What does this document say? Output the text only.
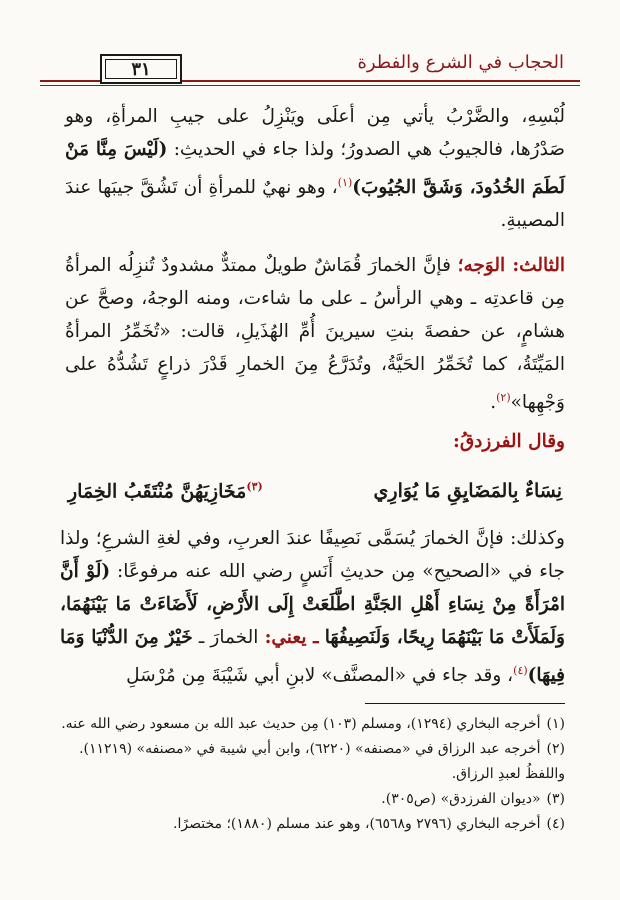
الحجاب في الشرع والفطرة
٣١

لُبْسِهِ، والضَّرْبُ يأتي مِن أعلَى ويَنْزِلُ على جيبِ المرأةِ، وهو صَدْرُها، فالجيوبُ هي الصدورُ؛ ولذا جاء في الحديثِ: (لَيْسَ مِنَّا مَنْ لَطَمَ الخُدُودَ، وَشَقَّ الجُيُوبَ)$^{(١)}$، وهو نهيٌ للمرأةِ أن تَشُقَّ جيبَها عندَ المصيبةِ.

الثالث: الوَجه؛ فإنَّ الخمارَ قُمَاشٌ طويلٌ ممتدٌّ مشدودٌ تُنزِلُه المرأةُ مِن قاعدتِه ـ وهي الرأسُ ـ على ما شاءت، ومنه الوجهُ، وصحَّ عن هشامٍ، عن حفصةَ بنتِ سيرينَ أُمِّ الهُذَيلِ، قالت: «تُخَمِّرُ المرأةُ المَيِّتَةُ، كما تُخَمِّرُ الحَيَّةُ، وتُدَرَّعُ مِنَ الخمارِ قَدْرَ ذراعٍ تَشُدُّهُ على وَجْهِها»$^{(٢)}$.

وقال الفرزدقُ:

نِسَاءٌ بِالمَضَايِقِ مَا يُوَارِي
$^{(٣)}$مَخَازِيَهُنَّ مُنْتَقَبُ الخِمَارِ

وكذلك: فإنَّ الخمارَ يُسَمَّى نَصِيفًا عندَ العربِ، وفي لغةِ الشرعِ؛ ولذا جاء في «الصحيح» مِن حديثِ أَنَسٍ رضي الله عنه مرفوعًا: (لَوْ أَنَّ امْرَأَةً مِنْ نِسَاءِ أَهْلِ الجَنَّةِ اطَّلَعَتْ إِلَى الأَرْضِ، لَأَضَاءَتْ مَا بَيْنَهُمَا، وَلَمَلَأَتْ مَا بَيْنَهُمَا رِيحًا، وَلَنَصِيفُهَا ـ يعني: الخمارَ ـ خَيْرٌ مِنَ الدُّنْيَا وَمَا فِيهَا)$^{(٤)}$، وقد جاء في «المصنَّف» لابنِ أبي شَيْبَةَ مِن مُرْسَلِ

(١)أخرجه البخاري (١٢٩٤)، ومسلم (١٠٣) مِن حديث عبد الله بن مسعود رضي الله عنه.

(٢)أخرجه عبد الرزاق في «مصنفه» (٦٢٢٠)، وابن أبي شيبة في «مصنفه» (١١٢١٩). واللفظُ لعبدِ الرزاق.

(٣)«ديوان الفرزدق» (ص٣٠٥).

(٤)أخرجه البخاري (٢٧٩٦ و٦٥٦٨)، وهو عند مسلم (١٨٨٠)؛ مختصرًا.
